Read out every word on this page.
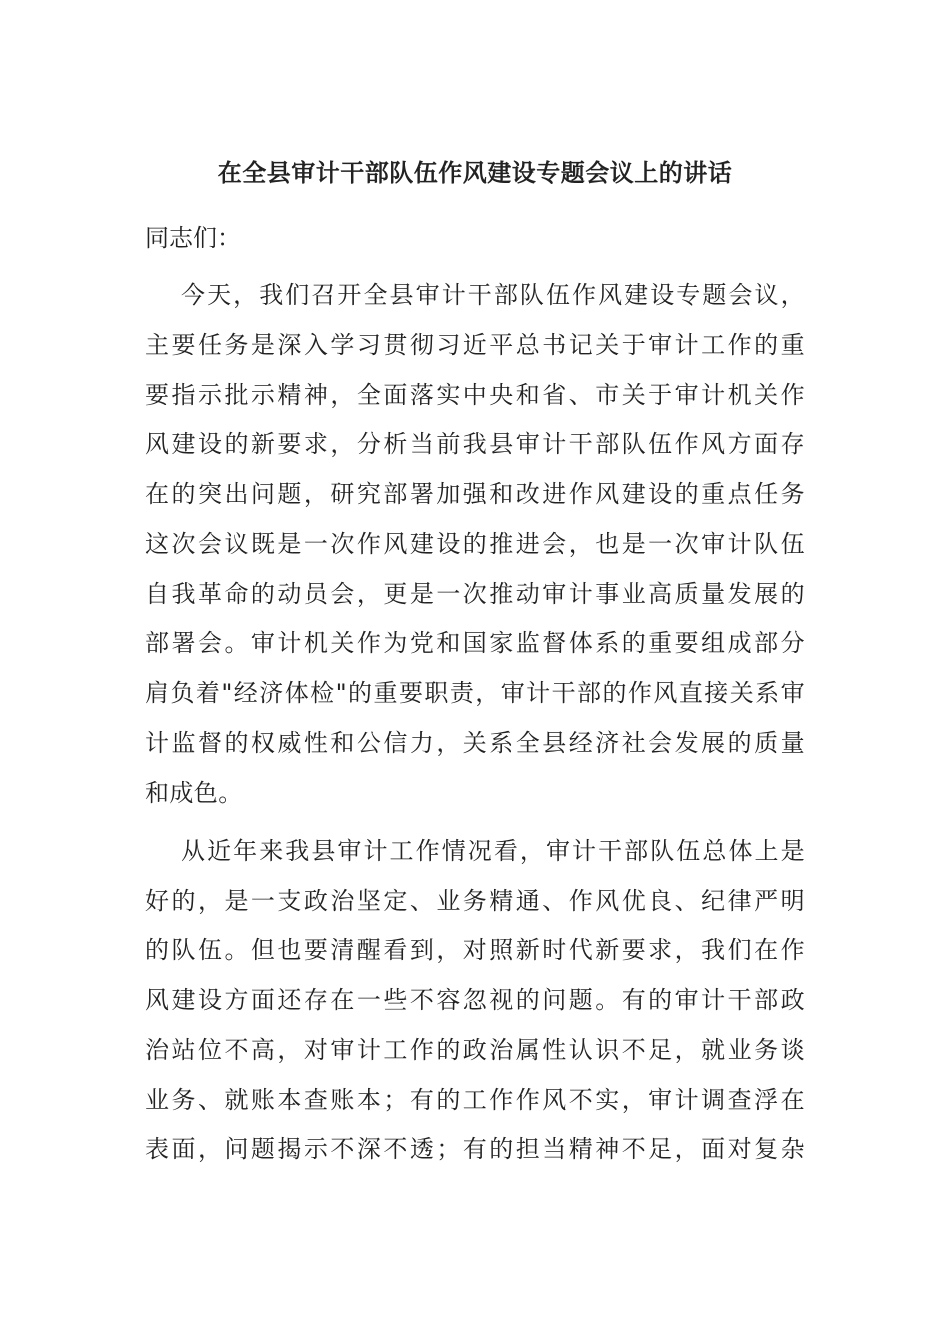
在全县审计干部队伍作风建设专题会议上的讲话
同志们：
今天，我们召开全县审计干部队伍作风建设专题会议，
主要任务是深入学习贯彻习近平总书记关于审计工作的重
要指示批示精神，全面落实中央和省、市关于审计机关作
风建设的新要求，分析当前我县审计干部队伍作风方面存
在的突出问题，研究部署加强和改进作风建设的重点任务
这次会议既是一次作风建设的推进会，也是一次审计队伍
自我革命的动员会，更是一次推动审计事业高质量发展的
部署会。审计机关作为党和国家监督体系的重要组成部分
肩负着"经济体检"的重要职责，审计干部的作风直接关系审
计监督的权威性和公信力，关系全县经济社会发展的质量
和成色。
从近年来我县审计工作情况看，审计干部队伍总体上是
好的，是一支政治坚定、业务精通、作风优良、纪律严明
的队伍。但也要清醒看到，对照新时代新要求，我们在作
风建设方面还存在一些不容忽视的问题。有的审计干部政
治站位不高，对审计工作的政治属性认识不足，就业务谈
业务、就账本查账本；有的工作作风不实，审计调查浮在
表面，问题揭示不深不透；有的担当精神不足，面对复杂
